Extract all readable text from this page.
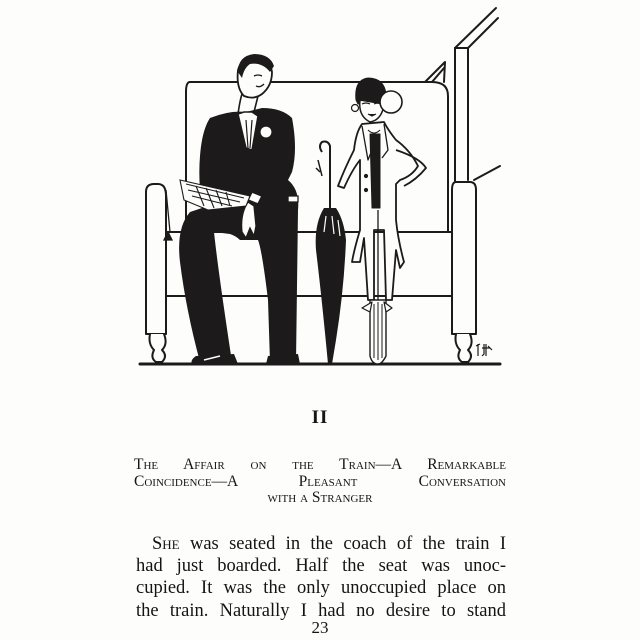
II
The Affair on the Train—A Remarkable
Coincidence—A Pleasant Conversation
with a Stranger
She was seated in the coach of the train I
had just boarded. Half the seat was unoc-
cupied. It was the only unoccupied place on
the train. Naturally I had no desire to stand
23
